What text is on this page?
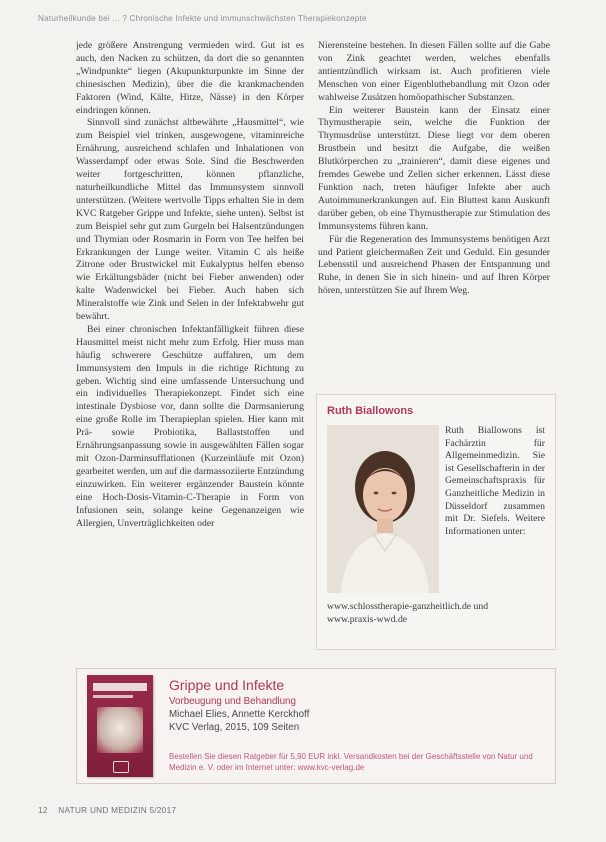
Naturheilkunde bei ... ? Chronische Infekte und immunschwächsten Therapiekonzepte

jede größere Anstrengung vermieden wird. Gut ist es auch, den Nacken zu schützen, da dort die so genannten „Windpunkte“ liegen (Akupunkturpunkte im Sinne der chinesischen Medizin), über die die krankmachenden Faktoren (Wind, Kälte, Hitze, Nässe) in den Körper eindringen können.

Sinnvoll sind zunächst altbewährte „Hausmittel“, wie zum Beispiel viel trinken, ausgewogene, vitaminreiche Ernährung, ausreichend schlafen und Inhalationen von Wasserdampf oder etwas Sole. Sind die Beschwerden weiter fortgeschritten, können pflanzliche, naturheilkundliche Mittel das Immunsystem sinnvoll unterstützen. (Weitere wertvolle Tipps erhalten Sie in dem KVC Ratgeber Grippe und Infekte, siehe unten). Selbst ist zum Beispiel sehr gut zum Gurgeln bei Halsentzündungen und Thymian oder Rosmarin in Form von Tee helfen bei Erkrankungen der Lunge weiter. Vitamin C als heiße Zitrone oder Brustwickel mit Eukalyptus helfen ebenso wie Erkältungsbäder (nicht bei Fieber anwenden) oder kalte Wadenwickel bei Fieber. Auch haben sich Mineralstoffe wie Zink und Selen in der Infektabwehr gut bewährt.

Bei einer chronischen Infektanfälligkeit führen diese Hausmittel meist nicht mehr zum Erfolg. Hier muss man häufig schwerere Geschütze auffahren, um dem Immunsystem den Impuls in die richtige Richtung zu geben. Wichtig sind eine umfassende Untersuchung und ein individuelles Therapiekonzept. Findet sich eine intestinale Dysbiose vor, dann sollte die Darmsanierung eine große Rolle im Therapieplan spielen. Hier kann mit Prä- sowie Probiotika, Ballaststoffen und Ernährungsanpassung sowie in ausgewählten Fällen sogar mit Ozon-Darminsufflationen (Kurzeinläufe mit Ozon) gearbeitet werden, um auf die darmassoziierte Entzündung einzuwirken. Ein weiterer ergänzender Baustein könnte eine Hoch-Dosis-Vitamin-C-Therapie in Form von Infusionen sein, solange keine Gegenanzeigen wie Allergien, Unverträglichkeiten oder

Nierensteine bestehen. In diesen Fällen sollte auf die Gabe von Zink geachtet werden, welches ebenfalls antientzündlich wirksam ist. Auch profitieren viele Menschen von einer Eigenbluthebandlung mit Ozon oder wahlweise Zusätzen homöopathischer Substanzen.

Ein weiterer Baustein kann der Einsatz einer Thymustherapie sein, welche die Funktion der Thymusdrüse unterstützt. Diese liegt vor dem oberen Brustbein und besitzt die Aufgabe, die weißen Blutkörperchen zu „trainieren“, damit diese eigenes und fremdes Gewebe und Zellen sicher erkennen. Lässt diese Funktion nach, treten häufiger Infekte aber auch Autoimmunerkrankungen auf. Ein Bluttest kann Auskunft darüber geben, ob eine Thymustherapie zur Stimulation des Immunsystems führen kann.

Für die Regeneration des Immunsystems benötigen Arzt und Patient gleichermaßen Zeit und Geduld. Ein gesunder Lebensstil und ausreichend Phasen der Entspannung und Ruhe, in denen Sie in sich hinein- und auf Ihren Körper hören, unterstützen Sie auf Ihrem Weg.

Ruth Biallowons
Ruth Biallowons ist Fachärztin für Allgemeinmedizin. Sie ist Gesellschafterin in der Gemeinschaftspraxis für Ganzheitliche Medizin in Düsseldorf zusammen mit Dr. Siefels. Weitere Informationen unter:
www.schlosstherapie-ganzheitlich.de und
www.praxis-wwd.de
Grippe und Infekte
Vorbeugung und Behandlung
Michael Elies, Annette Kerckhoff
KVC Verlag, 2015, 109 Seiten
Bestellen Sie diesen Ratgeber für 5,90 EUR inkl. Versandkosten bei der Geschäftsstelle von Natur und Medizin e. V. oder im Internet unter: www.kvc-verlag.de
12 NATUR UND MEDIZIN 5/2017
